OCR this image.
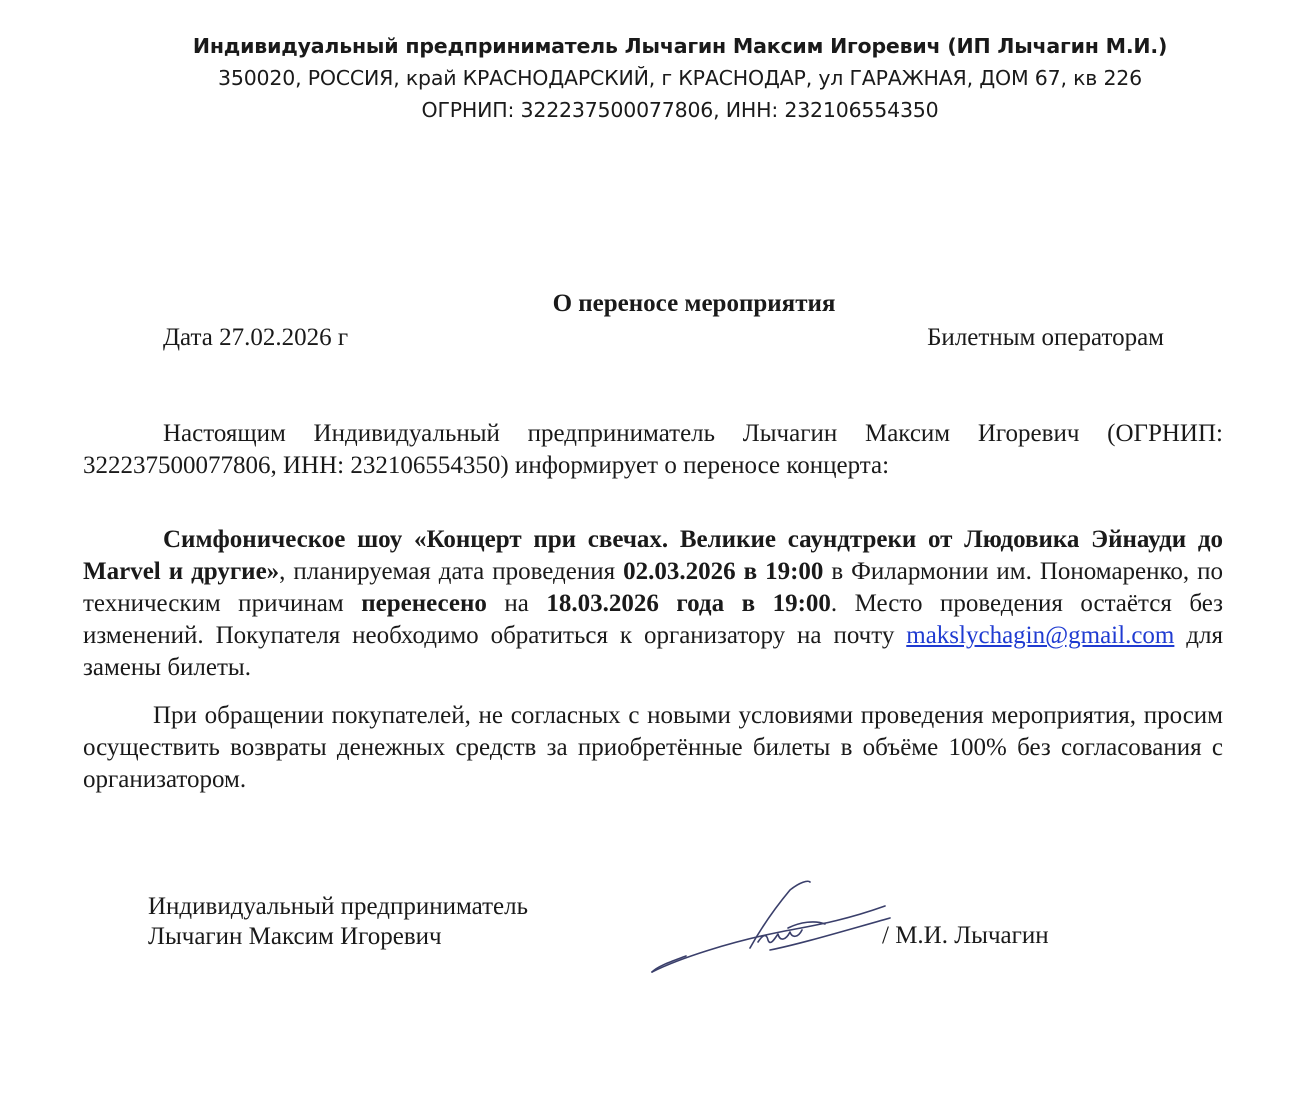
Индивидуальный предприниматель Лычагин Максим Игоревич (ИП Лычагин М.И.)
350020, РОССИЯ, край КРАСНОДАРСКИЙ, г КРАСНОДАР, ул ГАРАЖНАЯ, ДОМ 67, кв 226
ОГРНИП: 322237500077806, ИНН: 232106554350
О переносе мероприятия
Дата 27.02.2026 г	Билетным операторам

Настоящим Индивидуальный предприниматель Лычагин Максим Игоревич (ОГРНИП: 322237500077806, ИНН: 232106554350) информирует о переносе концерта:

Симфоническое шоу «Концерт при свечах. Великие саундтреки от Людовика Эйнауди до Marvel и другие», планируемая дата проведения 02.03.2026 в 19:00 в Филармонии им. Пономаренко, по техническим причинам перенесено на 18.03.2026 года в 19:00. Место проведения остаётся без изменений. Покупателя необходимо обратиться к организатору на почту makslychagin@gmail.com для замены билеты.

При обращении покупателей, не согласных с новыми условиями проведения мероприятия, просим осуществить возвраты денежных средств за приобретённые билеты в объёме 100% без согласования с организатором.

Индивидуальный предприниматель
Лычагин Максим Игоревич	/ М.И. Лычагин
